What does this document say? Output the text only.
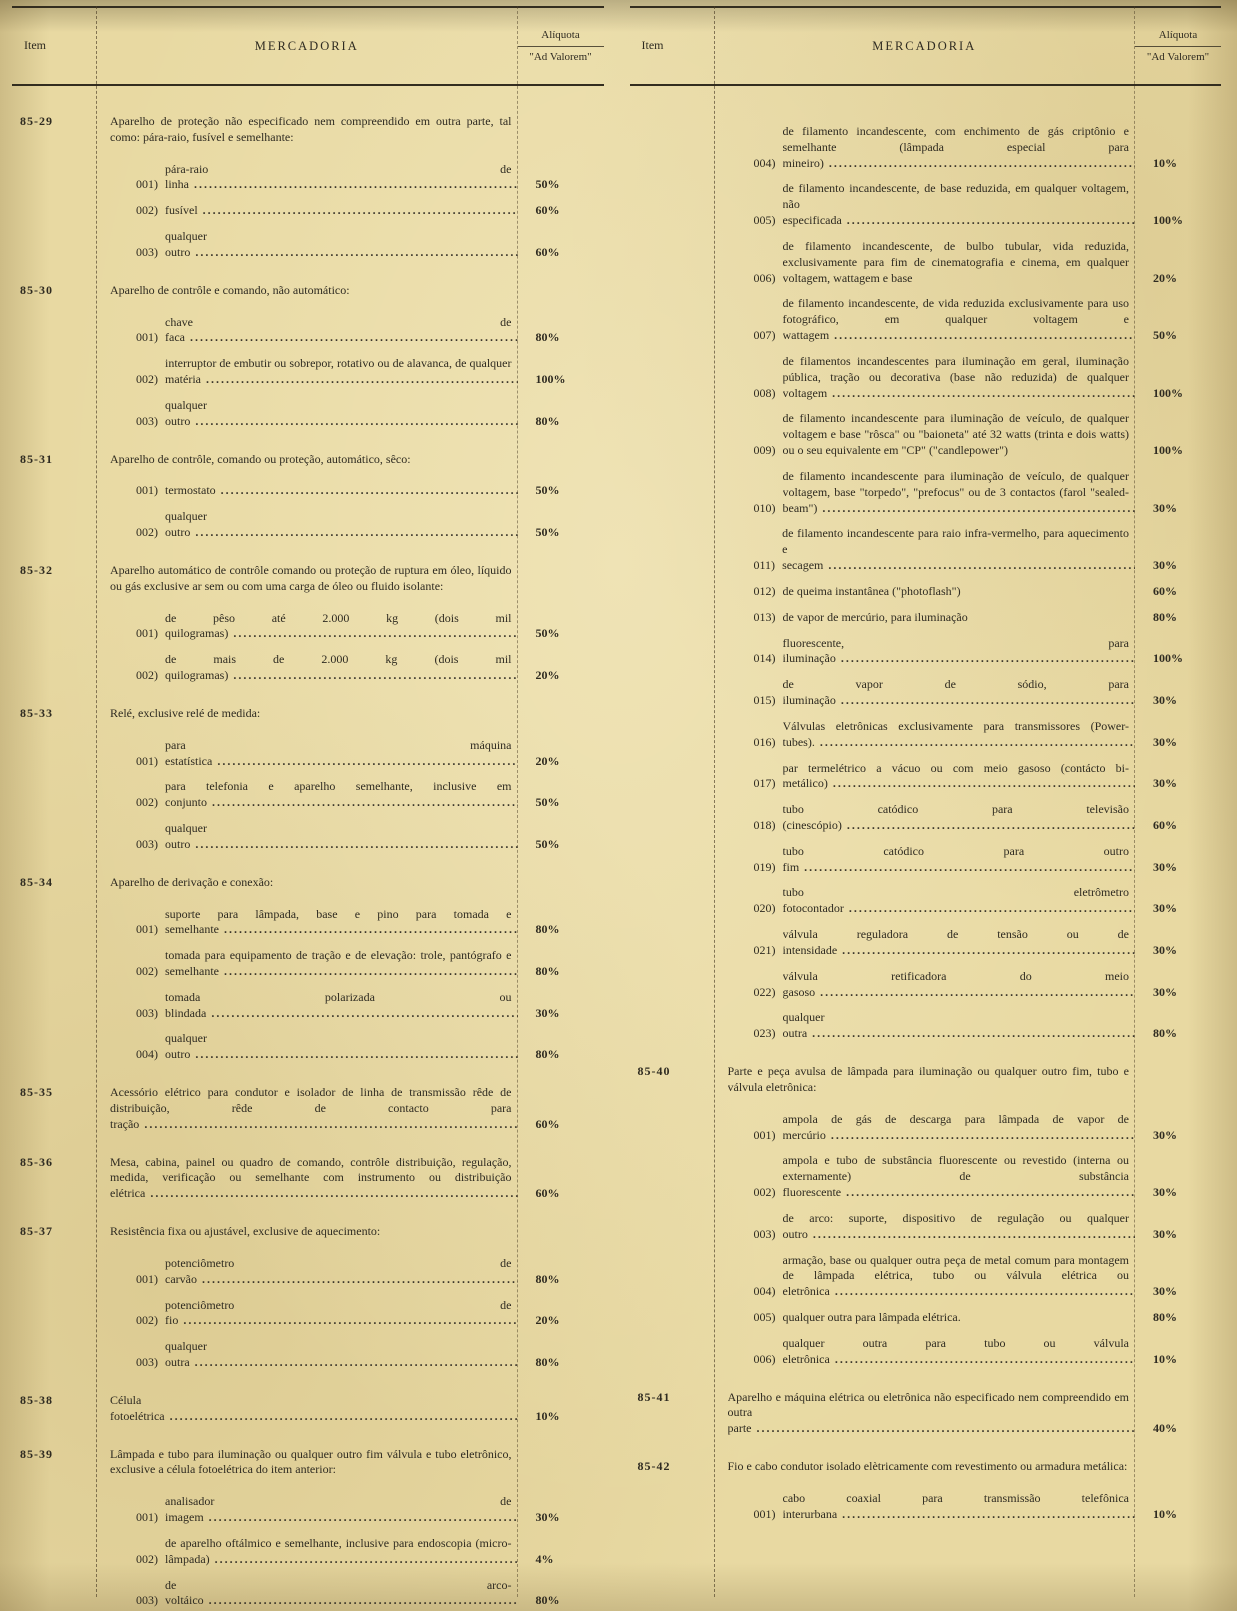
Item	MERCADORIA
Alíquota
"Ad Valorem"
85-29	Aparelho de proteção não especificado nem compreendido em outra parte, tal como: pára-raio, fusível e semelhante:
001)
pára-raio de linha .....	50%
002) fusível .....	60%
003)
qualquer outro .....	60%
85-30	Aparelho de contrôle e comando, não automático:
001)
chave de faca .....	80%
002)
interruptor de embutir ou sobrepor, rotativo ou de alavanca, de qualquer matéria .....	100%
003)
qualquer outro .....	80%
85-31	Aparelho de contrôle, comando ou proteção, automático, sêco:
001) termostato .....	50%
002)
qualquer outro .....	50%
85-32	Aparelho automático de contrôle comando ou proteção de ruptura em óleo, líquido ou gás exclusive ar sem ou com uma carga de óleo ou fluido isolante:
001)
de pêso até 2.000 kg (dois mil quilogramas) .....	50%
002)
de mais de 2.000 kg (dois mil quilogramas) .....	20%
85-33	Relé, exclusive relé de medida:
001)
para máquina estatística .....	20%
002)
para telefonia e aparelho semelhante, inclusive em conjunto .....	50%
003)
qualquer outro .....	50%
85-34	Aparelho de derivação e conexão:
001)
suporte para lâmpada, base e pino para tomada e semelhante .....	80%
002)
tomada para equipamento de tração e de elevação: trole, pantógrafo e semelhante .....	80%
003)
tomada polarizada ou blindada .....	30%
004)
qualquer outro .....	80%
85-35	Acessório elétrico para condutor e isolador de linha de transmissão rêde de distribuição, rêde de contacto para tração .....	60%
85-36	Mesa, cabina, painel ou quadro de comando, contrôle distribuição, regulação, medida, verificação ou semelhante com instrumento ou distribuição elétrica .....	60%
85-37	Resistência fixa ou ajustável, exclusive de aquecimento:
001)
potenciômetro de carvão .....	80%
002)
potenciômetro de fio .....	20%
003)
qualquer outra .....	80%
85-38	Célula fotoelétrica .....	10%
85-39	Lâmpada e tubo para iluminação ou qualquer outro fim válvula e tubo eletrônico, exclusive a célula fotoelétrica do item anterior:
001)
analisador de imagem .....	30%
002)
de aparelho oftálmico e semelhante, inclusive para endoscopia (micro-lâmpada) .....	4%
003)
de arco-voltáico .....	80%
Item	MERCADORIA
Alíquota
"Ad Valorem"
004)
de filamento incandescente, com enchimento de gás criptônio e semelhante (lâmpada especial para mineiro) .....	10%
005)
de filamento incandescente, de base reduzida, em qualquer voltagem, não especificada .....	100%
006)
de filamento incandescente, de bulbo tubular, vida reduzida, exclusivamente para fim de cinematografia e cinema, em qualquer voltagem, wattagem e base	20%
007)
de filamento incandescente, de vida reduzida exclusivamente para uso fotográfico, em qualquer voltagem e wattagem .....	50%
008)
de filamentos incandescentes para iluminação em geral, iluminação pública, tração ou decorativa (base não reduzida) de qualquer voltagem .....	100%
009)
de filamento incandescente para iluminação de veículo, de qualquer voltagem e base "rôsca" ou "baioneta" até 32 watts (trinta e dois watts) ou o seu equivalente em "CP" ("candlepower")	100%
010)
de filamento incandescente para iluminação de veículo, de qualquer voltagem, base "torpedo", "prefocus" ou de 3 contactos (farol "sealed-beam") .....	30%
011)
de filamento incandescente para raio infra-vermelho, para aquecimento e secagem .....	30%
012) de queima instantânea ("photoflash")	60%
013) de vapor de mercúrio, para iluminação	80%
014)
fluorescente, para iluminação .....	100%
015)
de vapor de sódio, para iluminação .....	30%
016)
Válvulas eletrônicas exclusivamente para transmissores (Power-tubes). .....	30%
017)
par termelétrico a vácuo ou com meio gasoso (contácto bi-metálico) .....	30%
018)
tubo catódico para televisão (cinescópio) .....	60%
019)
tubo catódico para outro fim .....	30%
020)
tubo eletrômetro fotocontador .....	30%
021)
válvula reguladora de tensão ou de intensidade .....	30%
022)
válvula retificadora do meio gasoso .....	30%
023)
qualquer outra .....	80%
85-40	Parte e peça avulsa de lâmpada para iluminação ou qualquer outro fim, tubo e válvula eletrônica:
001)
ampola de gás de descarga para lâmpada de vapor de mercúrio .....	30%
002)
ampola e tubo de substância fluorescente ou revestido (interna ou externamente) de substância fluorescente .....	30%
003)
de arco: suporte, dispositivo de regulação ou qualquer outro .....	30%
004)
armação, base ou qualquer outra peça de metal comum para montagem de lâmpada elétrica, tubo ou válvula elétrica ou eletrônica .....	30%
005) qualquer outra para lâmpada elétrica.	80%
006)
qualquer outra para tubo ou válvula eletrônica .....	10%
85-41	Aparelho e máquina elétrica ou eletrônica não especificado nem compreendido em outra parte .....	40%
85-42	Fio e cabo condutor isolado elètricamente com revestimento ou armadura metálica:
001)
cabo coaxial para transmissão telefônica interurbana .....	10%
